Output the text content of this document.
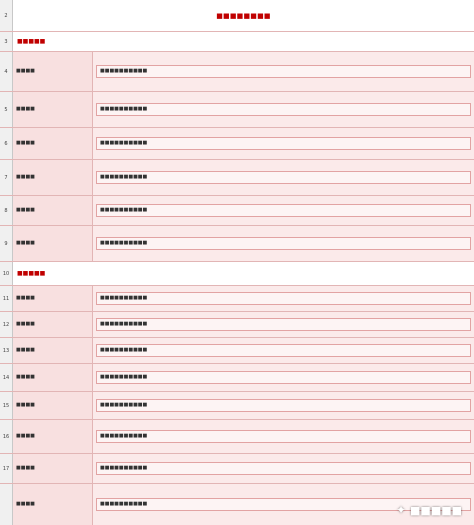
2	■■■■■■■■
3	■■■■■
4	■■■■	■■■■■■■■■■
5	■■■■	■■■■■■■■■■
6	■■■■	■■■■■■■■■■
7	■■■■	■■■■■■■■■■
8	■■■■	■■■■■■■■■■
9	■■■■	■■■■■■■■■■
10	■■■■■
11	■■■■	■■■■■■■■■■
12	■■■■	■■■■■■■■■■
13	■■■■	■■■■■■■■■■
14	■■■■	■■■■■■■■■■
15	■■■■	■■■■■■■■■■
16	■■■■	■■■■■■■■■■
17	■■■■	■■■■■■■■■■
■■■■	■■■■■■■■■■	✦ ■■■■■
